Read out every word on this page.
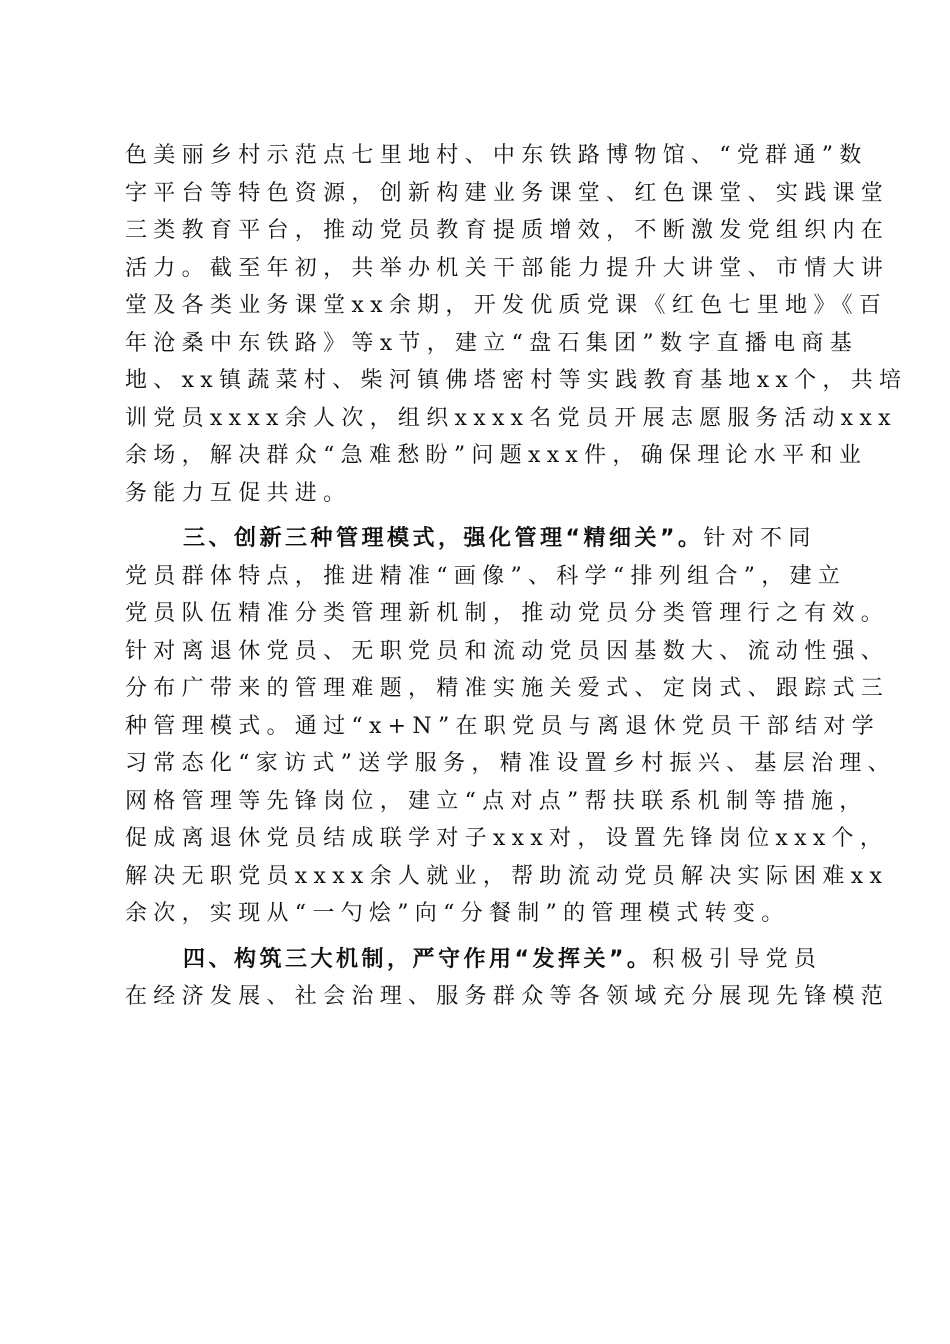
色美丽乡村示范点七里地村、中东铁路博物馆、“党群通”数
字平台等特色资源，创新构建业务课堂、红色课堂、实践课堂
三类教育平台，推动党员教育提质增效，不断激发党组织内在
活力。截至年初，共举办机关干部能力提升大讲堂、市情大讲
堂及各类业务课堂xx余期，开发优质党课《红色七里地》《百
年沧桑中东铁路》等x节，建立“盘石集团”数字直播电商基
地、xx镇蔬菜村、柴河镇佛塔密村等实践教育基地xx个，共培
训党员xxxx余人次，组织xxxx名党员开展志愿服务活动xxx
余场，解决群众“急难愁盼”问题xxx件，确保理论水平和业
务能力互促共进。
三、创新三种管理模式，强化管理“精细关”。针对不同
党员群体特点，推进精准“画像”、科学“排列组合”，建立
党员队伍精准分类管理新机制，推动党员分类管理行之有效。
针对离退休党员、无职党员和流动党员因基数大、流动性强、
分布广带来的管理难题，精准实施关爱式、定岗式、跟踪式三
种管理模式。通过“x+N”在职党员与离退休党员干部结对学
习常态化“家访式”送学服务，精准设置乡村振兴、基层治理、
网格管理等先锋岗位，建立“点对点”帮扶联系机制等措施，
促成离退休党员结成联学对子xxx对，设置先锋岗位xxx个，
解决无职党员xxxx余人就业，帮助流动党员解决实际困难xx
余次，实现从“一勺烩”向“分餐制”的管理模式转变。
四、构筑三大机制，严守作用“发挥关”。积极引导党员
在经济发展、社会治理、服务群众等各领域充分展现先锋模范
